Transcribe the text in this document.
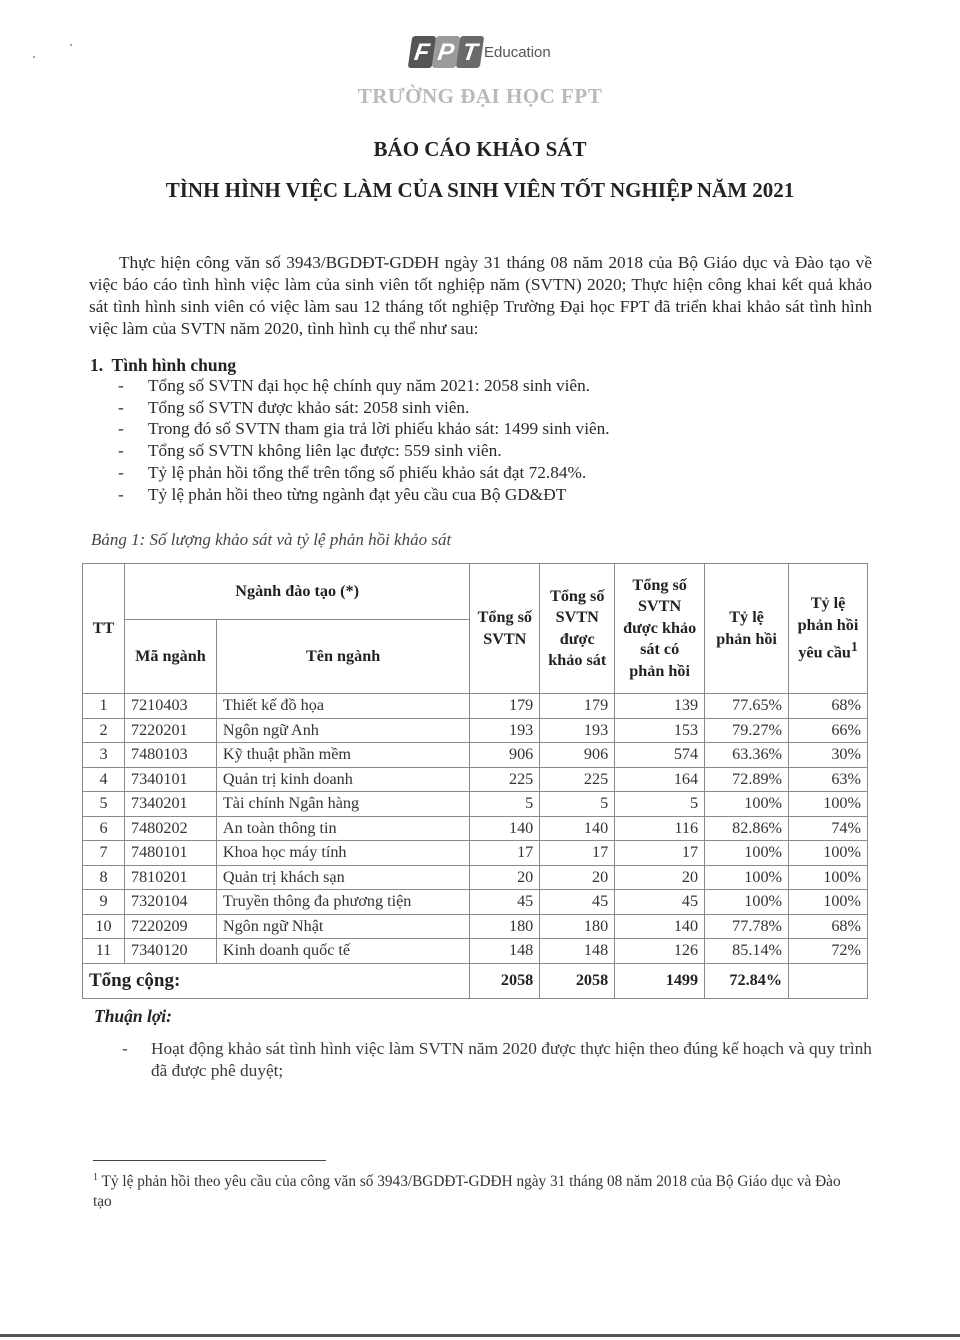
F P T Education
TRƯỜNG ĐẠI HỌC FPT
BÁO CÁO KHẢO SÁT
TÌNH HÌNH VIỆC LÀM CỦA SINH VIÊN TỐT NGHIỆP NĂM 2021
Thực hiện công văn số 3943/BGDĐT-GDĐH ngày 31 tháng 08 năm 2018 của Bộ Giáo dục và Đào tạo về việc báo cáo tình hình việc làm của sinh viên tốt nghiệp năm (SVTN) 2020; Thực hiện công khai kết quả khảo sát tình hình sinh viên có việc làm sau 12 tháng tốt nghiệp Trường Đại học FPT đã triển khai khảo sát tình hình việc làm của SVTN năm 2020, tình hình cụ thể như sau:
1.  Tình hình chung
- Tổng số SVTN đại học hệ chính quy năm 2021: 2058 sinh viên.
- Tổng số SVTN được khảo sát: 2058 sinh viên.
- Trong đó số SVTN tham gia trả lời phiếu khảo sát: 1499 sinh viên.
- Tổng số SVTN không liên lạc được: 559 sinh viên.
- Tỷ lệ phản hồi tổng thể trên tổng số phiếu khảo sát đạt 72.84%.
- Tỷ lệ phản hồi theo từng ngành đạt yêu cầu cua Bộ GD&ĐT
Bảng 1: Số lượng khảo sát và tỷ lệ phản hồi khảo sát
TT	Ngành đào tạo (*)		Tổng số SVTN	Tổng số SVTN được khảo sát	Tổng số SVTN được khảo sát có phản hồi	Tỷ lệ phản hồi	Tỷ lệ phản hồi yêu cầu$^1$
	Mã ngành	Tên ngành					
1	7210403	Thiết kế đồ họa	179	179	139	77.65%	68%
2	7220201	Ngôn ngữ Anh	193	193	153	79.27%	66%
3	7480103	Kỹ thuật phần mềm	906	906	574	63.36%	30%
4	7340101	Quản trị kinh doanh	225	225	164	72.89%	63%
5	7340201	Tài chính Ngân hàng	5	5	5	100%	100%
6	7480202	An toàn thông tin	140	140	116	82.86%	74%
7	7480101	Khoa học máy tính	17	17	17	100%	100%
8	7810201	Quản trị khách sạn	20	20	20	100%	100%
9	7320104	Truyền thông đa phương tiện	45	45	45	100%	100%
10	7220209	Ngôn ngữ Nhật	180	180	140	77.78%	68%
11	7340120	Kinh doanh quốc tế	148	148	126	85.14%	72%
Tổng cộng:			2058	2058	1499	72.84%	
Thuận lợi:
-	Hoạt động khảo sát tình hình việc làm SVTN năm 2020 được thực hiện theo đúng kế hoạch và quy trình đã được phê duyệt;
$^1$ Tỷ lệ phản hồi theo yêu cầu của công văn số 3943/BGDĐT-GDĐH ngày 31 tháng 08 năm 2018 của Bộ Giáo dục và Đào tạo
